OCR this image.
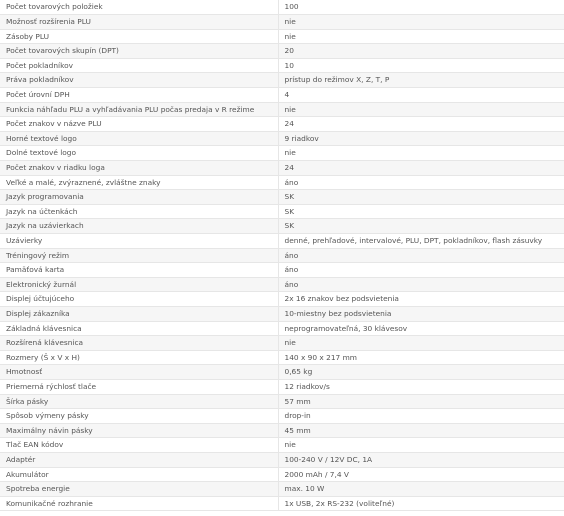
Počet tovarových položiek	100
Možnosť rozšírenia PLU	nie
Zásoby PLU	nie
Počet tovarových skupín (DPT)	20
Počet pokladníkov	10
Práva pokladníkov	prístup do režimov X, Z, T, P
Počet úrovní DPH	4
Funkcia náhľadu PLU a vyhľadávania PLU počas predaja v R režime	nie
Počet znakov v názve PLU	24
Horné textové logo	9 riadkov
Dolné textové logo	nie
Počet znakov v riadku loga	24
Veľké a malé, zvýraznené, zvláštne znaky	áno
Jazyk programovania	SK
Jazyk na účtenkách	SK
Jazyk na uzávierkach	SK
Uzávierky	denné, prehľadové, intervalové, PLU, DPT, pokladníkov, flash zásuvky
Tréningový režim	áno
Pamäťová karta	áno
Elektronický žurnál	áno
Displej účtujúceho	2x 16 znakov bez podsvietenia
Displej zákazníka	10-miestny bez podsvietenia
Základná klávesnica	neprogramovateľná, 30 klávesov
Rozšírená klávesnica	nie
Rozmery (Š x V x H)	140 x 90 x 217 mm
Hmotnosť	0,65 kg
Priemerná rýchlosť tlače	12 riadkov/s
Šírka pásky	57 mm
Spôsob výmeny pásky	drop-in
Maximálny návin pásky	45 mm
Tlač EAN kódov	nie
Adaptér	100-240 V / 12V DC, 1A
Akumulátor	2000 mAh / 7,4 V
Spotreba energie	max. 10 W
Komunikačné rozhranie	1x USB, 2x RS-232 (voliteľné)
